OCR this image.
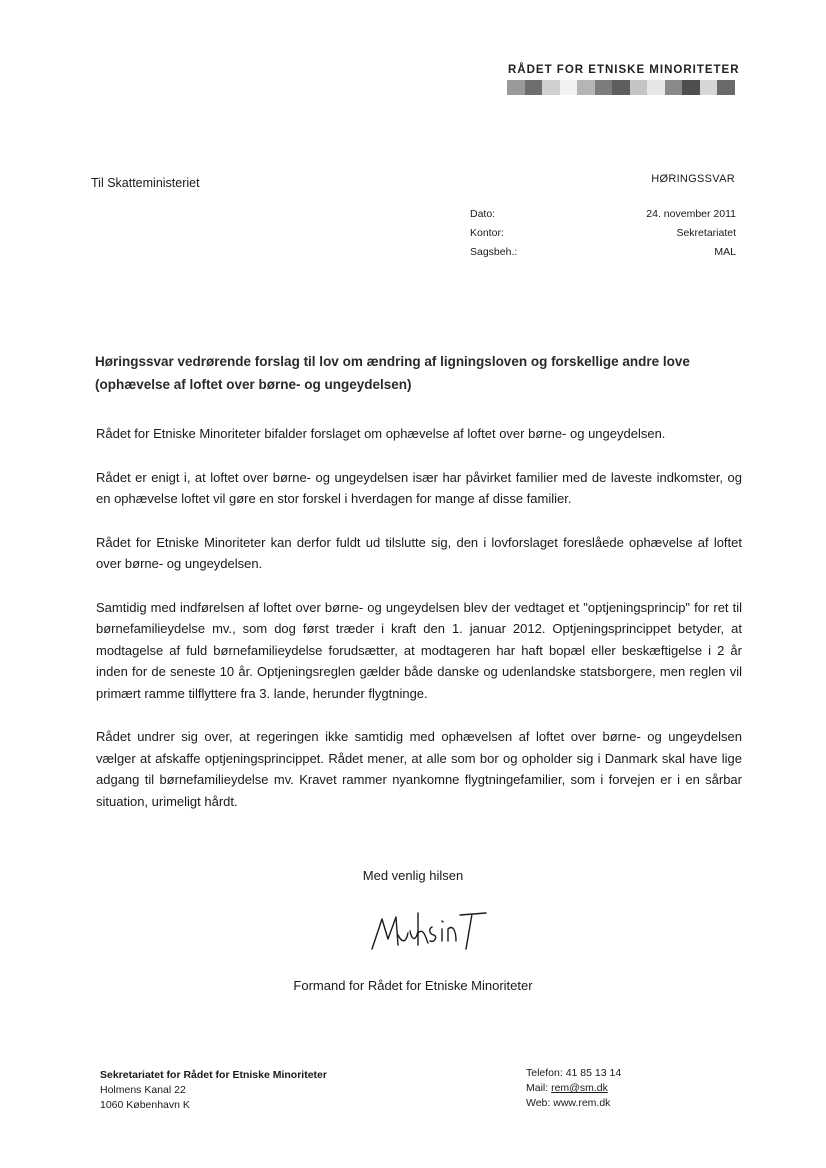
RÅDET FOR ETNISKE MINORITETER
Til Skatteministeriet	HØRINGSSVAR
Dato:	24. november 2011
Kontor:	Sekretariatet
Sagsbeh.:	MAL
Høringssvar vedrørende forslag til lov om ændring af ligningsloven og forskellige andre love (ophævelse af loftet over børne- og ungeydelsen)

Rådet for Etniske Minoriteter bifalder forslaget om ophævelse af loftet over børne- og ungeydelsen.

Rådet er enigt i, at loftet over børne- og ungeydelsen især har påvirket familier med de laveste indkomster, og en ophævelse loftet vil gøre en stor forskel i hverdagen for mange af disse familier.

Rådet for Etniske Minoriteter kan derfor fuldt ud tilslutte sig, den i lovforslaget foreslåede ophævelse af loftet over børne- og ungeydelsen.

Samtidig med indførelsen af loftet over børne- og ungeydelsen blev der vedtaget et "optjeningsprincip" for ret til børnefamilieydelse mv., som dog først træder i kraft den 1. januar 2012. Optjeningsprincippet betyder, at modtagelse af fuld børnefamilieydelse forudsætter, at modtageren har haft bopæl eller beskæftigelse i 2 år inden for de seneste 10 år. Optjeningsreglen gælder både danske og udenlandske statsborgere, men reglen vil primært ramme tilflyttere fra 3. lande, herunder flygtninge.

Rådet undrer sig over, at regeringen ikke samtidig med ophævelsen af loftet over børne- og ungeydelsen vælger at afskaffe optjeningsprincippet. Rådet mener, at alle som bor og opholder sig i Danmark skal have lige adgang til børnefamilieydelse mv. Kravet rammer nyankomne flygtningefamilier, som i forvejen er i en sårbar situation, urimeligt hårdt.

Med venlig hilsen
Formand for Rådet for Etniske Minoriteter
Sekretariatet for Rådet for Etniske Minoriteter
Holmens Kanal 22
1060 København K
Telefon: 41 85 13 14
Mail: rem@sm.dk
Web: www.rem.dk
